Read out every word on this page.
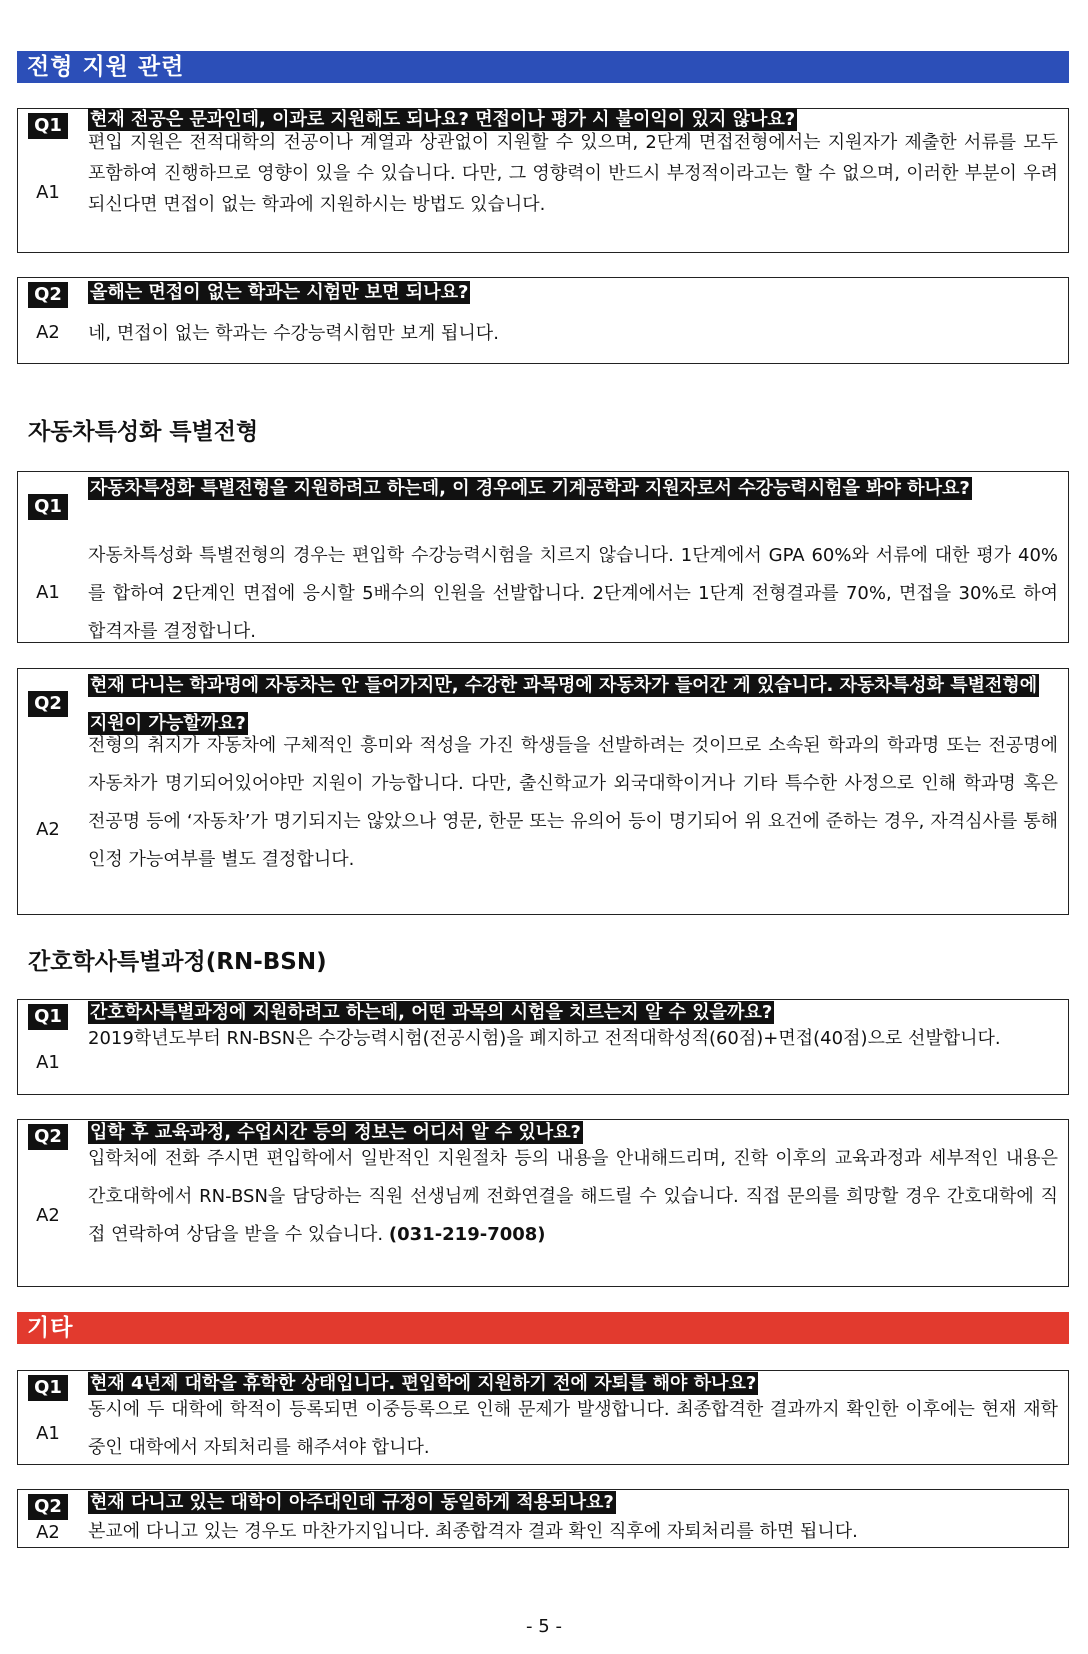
전형 지원 관련
Q1	현재 전공은 문과인데, 이과로 지원해도 되나요? 면접이나 평가 시 불이익이 있지 않나요?
A1
편입 지원은 전적대학의 전공이나 계열과 상관없이 지원할 수 있으며, 2단계 면접전형에서는 지원자가 제출한 서류를 모두 포함하여 진행하므로 영향이 있을 수 있습니다. 다만, 그 영향력이 반드시 부정적이라고는 할 수 없으며, 이러한 부분이 우려되신다면 면접이 없는 학과에 지원하시는 방법도 있습니다.
Q2	올해는 면접이 없는 학과는 시험만 보면 되나요?
A2	네, 면접이 없는 학과는 수강능력시험만 보게 됩니다.
자동차특성화 특별전형
Q1
자동차특성화 특별전형을 지원하려고 하는데, 이 경우에도 기계공학과 지원자로서 수강능력시험을 봐야 하나요?
A1
자동차특성화 특별전형의 경우는 편입학 수강능력시험을 치르지 않습니다. 1단계에서 GPA 60%와 서류에 대한 평가 40%를 합하여 2단계인 면접에 응시할 5배수의 인원을 선발합니다. 2단계에서는 1단계 전형결과를 70%, 면접을 30%로 하여 합격자를 결정합니다.
Q2
현재 다니는 학과명에 자동차는 안 들어가지만, 수강한 과목명에 자동차가 들어간 게 있습니다. 자동차특성화 특별전형에 지원이 가능할까요?
A2
전형의 취지가 자동차에 구체적인 흥미와 적성을 가진 학생들을 선발하려는 것이므로 소속된 학과의 학과명 또는 전공명에 자동차가 명기되어있어야만 지원이 가능합니다. 다만, 출신학교가 외국대학이거나 기타 특수한 사정으로 인해 학과명 혹은 전공명 등에 ‘자동차’가 명기되지는 않았으나 영문, 한문 또는 유의어 등이 명기되어 위 요건에 준하는 경우, 자격심사를 통해 인정 가능여부를 별도 결정합니다.
간호학사특별과정(RN-BSN)
Q1	간호학사특별과정에 지원하려고 하는데, 어떤 과목의 시험을 치르는지 알 수 있을까요?
A1
2019학년도부터 RN-BSN은 수강능력시험(전공시험)을 폐지하고 전적대학성적(60점)+면접(40점)으로 선발합니다.
Q2	입학 후 교육과정, 수업시간 등의 정보는 어디서 알 수 있나요?
A2
입학처에 전화 주시면 편입학에서 일반적인 지원절차 등의 내용을 안내해드리며, 진학 이후의 교육과정과 세부적인 내용은 간호대학에서 RN-BSN을 담당하는 직원 선생님께 전화연결을 해드릴 수 있습니다. 직접 문의를 희망할 경우 간호대학에 직접 연락하여 상담을 받을 수 있습니다. (031-219-7008)
기타
Q1	현재 4년제 대학을 휴학한 상태입니다. 편입학에 지원하기 전에 자퇴를 해야 하나요?
A1
동시에 두 대학에 학적이 등록되면 이중등록으로 인해 문제가 발생합니다. 최종합격한 결과까지 확인한 이후에는 현재 재학 중인 대학에서 자퇴처리를 해주셔야 합니다.
Q2	현재 다니고 있는 대학이 아주대인데 규정이 동일하게 적용되나요?
A2	본교에 다니고 있는 경우도 마찬가지입니다. 최종합격자 결과 확인 직후에 자퇴처리를 하면 됩니다.
- 5 -
